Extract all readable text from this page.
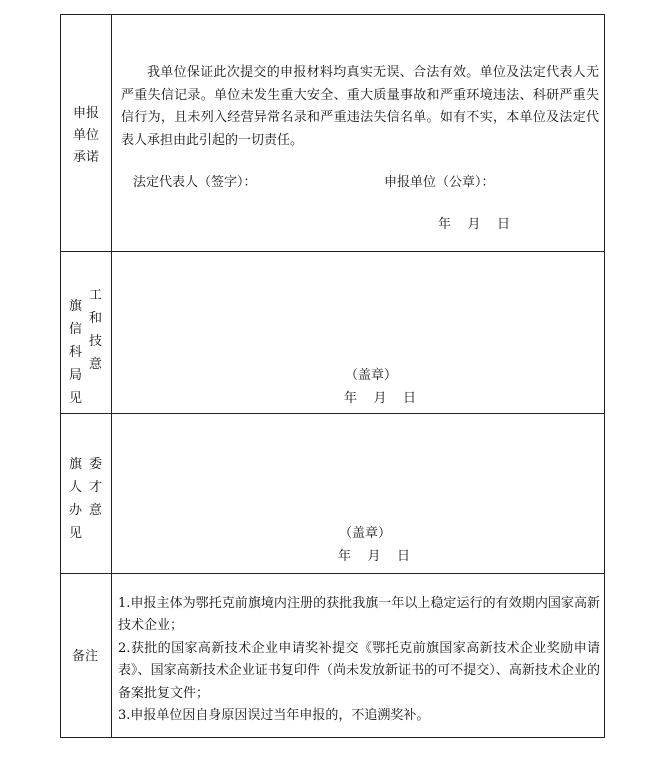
申报
单位
承诺

我单位保证此次提交的申报材料均真实无误、合法有效。单位及法定代表人无严重失信记录。单位未发生重大安全、重大质量事故和严重环境违法、科研严重失信行为，且未列入经营异常名录和严重违法失信名单。如有不实，本单位及法定代表人承担由此引起的一切责任。

法定代表人（签字）：	申报单位（公章）：
年    月    日
旗
信
科
局
见
工
和
技
意
（盖章）
年    月    日
旗
人
办
见
委
才
意
（盖章）
年    月    日
备注

1.申报主体为鄂托克前旗境内注册的获批我旗一年以上稳定运行的有效期内国家高新技术企业；

2.获批的国家高新技术企业申请奖补提交《鄂托克前旗国家高新技术企业奖励申请表》、国家高新技术企业证书复印件（尚未发放新证书的可不提交）、高新技术企业的备案批复文件；

3.申报单位因自身原因误过当年申报的，不追溯奖补。
